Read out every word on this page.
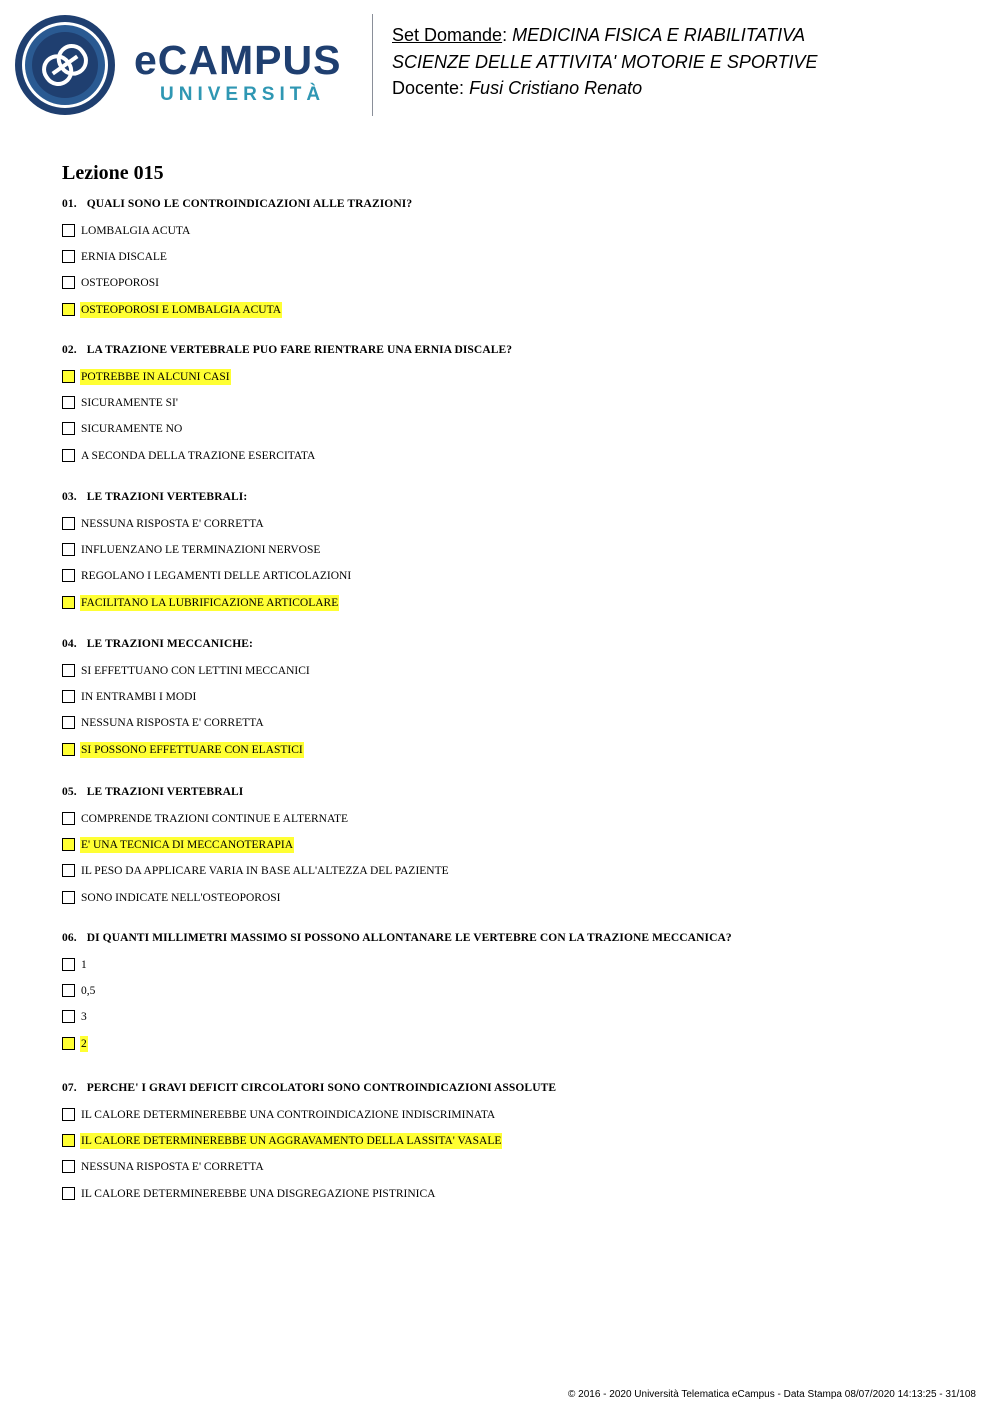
eCAMPUS
UNIVERSITÀ
Set Domande: MEDICINA FISICA E RIABILITATIVA
SCIENZE DELLE ATTIVITA' MOTORIE E SPORTIVE
Docente: Fusi Cristiano Renato
Lezione 015
01. QUALI SONO LE CONTROINDICAZIONI ALLE TRAZIONI?
LOMBALGIA ACUTA
ERNIA DISCALE
OSTEOPOROSI
OSTEOPOROSI E LOMBALGIA ACUTA
02. LA TRAZIONE VERTEBRALE PUO FARE RIENTRARE UNA ERNIA DISCALE?
POTREBBE IN ALCUNI CASI
SICURAMENTE SI'
SICURAMENTE NO
A SECONDA DELLA TRAZIONE ESERCITATA
03. LE TRAZIONI VERTEBRALI:
NESSUNA RISPOSTA E' CORRETTA
INFLUENZANO LE TERMINAZIONI NERVOSE
REGOLANO I LEGAMENTI DELLE ARTICOLAZIONI
FACILITANO LA LUBRIFICAZIONE ARTICOLARE
04. LE TRAZIONI MECCANICHE:
SI EFFETTUANO CON LETTINI MECCANICI
IN ENTRAMBI I MODI
NESSUNA RISPOSTA E' CORRETTA
SI POSSONO EFFETTUARE CON ELASTICI
05. LE TRAZIONI VERTEBRALI
COMPRENDE TRAZIONI CONTINUE E ALTERNATE
E' UNA TECNICA DI MECCANOTERAPIA
IL PESO DA APPLICARE VARIA IN BASE ALL'ALTEZZA DEL PAZIENTE
SONO INDICATE NELL'OSTEOPOROSI
06. DI QUANTI MILLIMETRI MASSIMO SI POSSONO ALLONTANARE LE VERTEBRE CON LA TRAZIONE MECCANICA?
1
0,5
3
2
07. PERCHE' I GRAVI DEFICIT CIRCOLATORI SONO CONTROINDICAZIONI ASSOLUTE
IL CALORE DETERMINEREBBE UNA CONTROINDICAZIONE INDISCRIMINATA
IL CALORE DETERMINEREBBE UN AGGRAVAMENTO DELLA LASSITA' VASALE
NESSUNA RISPOSTA E' CORRETTA
IL CALORE DETERMINEREBBE UNA DISGREGAZIONE PISTRINICA
© 2016 - 2020 Università Telematica eCampus - Data Stampa 08/07/2020 14:13:25 - 31/108
